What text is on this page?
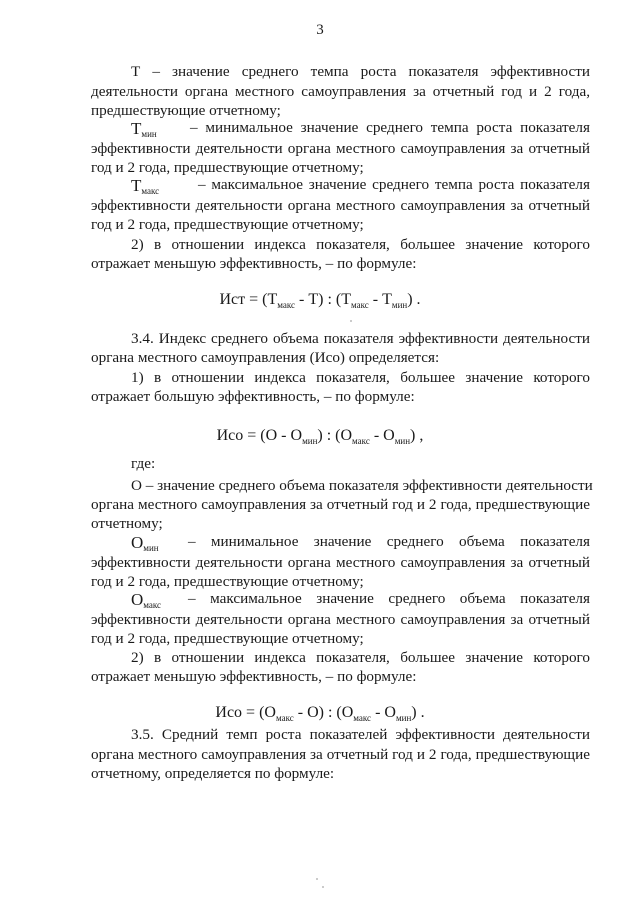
3
Т – значение среднего темпа роста показателя эффективности
деятельности органа местного самоуправления за отчетный год и 2 года,
предшествующие отчетному;
$Т_{мин}$ – минимальное значение среднего темпа роста показателя
эффективности деятельности органа местного самоуправления за отчетный
год и 2 года, предшествующие отчетному;
$Т_{макс}$	– максимальное значение среднего темпа роста показателя
эффективности деятельности органа местного самоуправления за отчетный
год и 2 года, предшествующие отчетному;
2) в отношении индекса показателя, большее значение которого
отражает меньшую эффективность, – по формуле:
Ист = $(Т_{макс} - Т)$ : $(Т_{макс} - Т_{мин})$ .
3.4. Индекс среднего объема показателя эффективности деятельности
органа местного самоуправления (Исо) определяется:
1) в отношении индекса показателя, большее значение которого
отражает большую эффективность, – по формуле:
Исо = $(О - О_{мин})$ : $(О_{макс} - О_{мин})$ ,
где:
О – значение среднего объема показателя эффективности деятельности
органа местного самоуправления за отчетный год и 2 года, предшествующие
отчетному;
$О_{мин}$ – минимальное значение среднего объема показателя
эффективности деятельности органа местного самоуправления за отчетный
год и 2 года, предшествующие отчетному;
$О_{макс}$ – максимальное значение среднего объема показателя
эффективности деятельности органа местного самоуправления за отчетный
год и 2 года, предшествующие отчетному;
2) в отношении индекса показателя, большее значение которого
отражает меньшую эффективность, – по формуле:
Исо = $(О_{макс} - О)$ : $(О_{макс} - О_{мин})$ .
3.5. Средний темп роста показателей эффективности деятельности
органа местного самоуправления за отчетный год и 2 года, предшествующие
отчетному, определяется по формуле:
